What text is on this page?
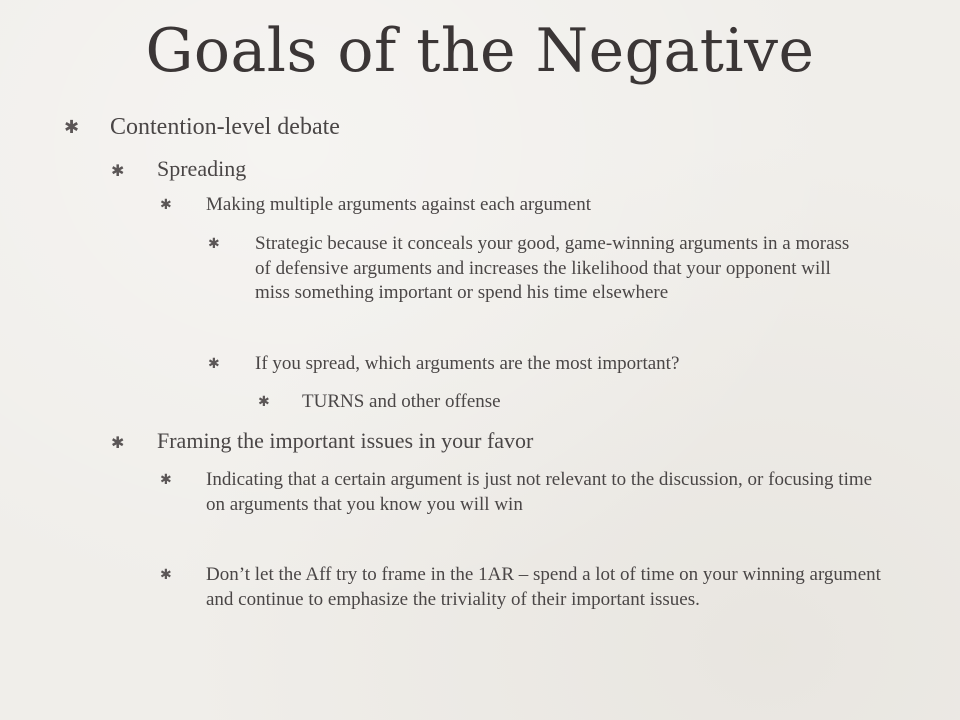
Goals of the Negative
✱ Contention-level debate
✱ Spreading
✱ Making multiple arguments against each argument
✱ Strategic because it conceals your good, game-winning arguments in a morass of defensive arguments and increases the likelihood that your opponent will miss something important or spend his time elsewhere
✱ If you spread, which arguments are the most important?
✱ TURNS and other offense
✱ Framing the important issues in your favor
✱ Indicating that a certain argument is just not relevant to the discussion, or focusing time on arguments that you know you will win
✱ Don’t let the Aff try to frame in the 1AR – spend a lot of time on your winning argument and continue to emphasize the triviality of their important issues.
